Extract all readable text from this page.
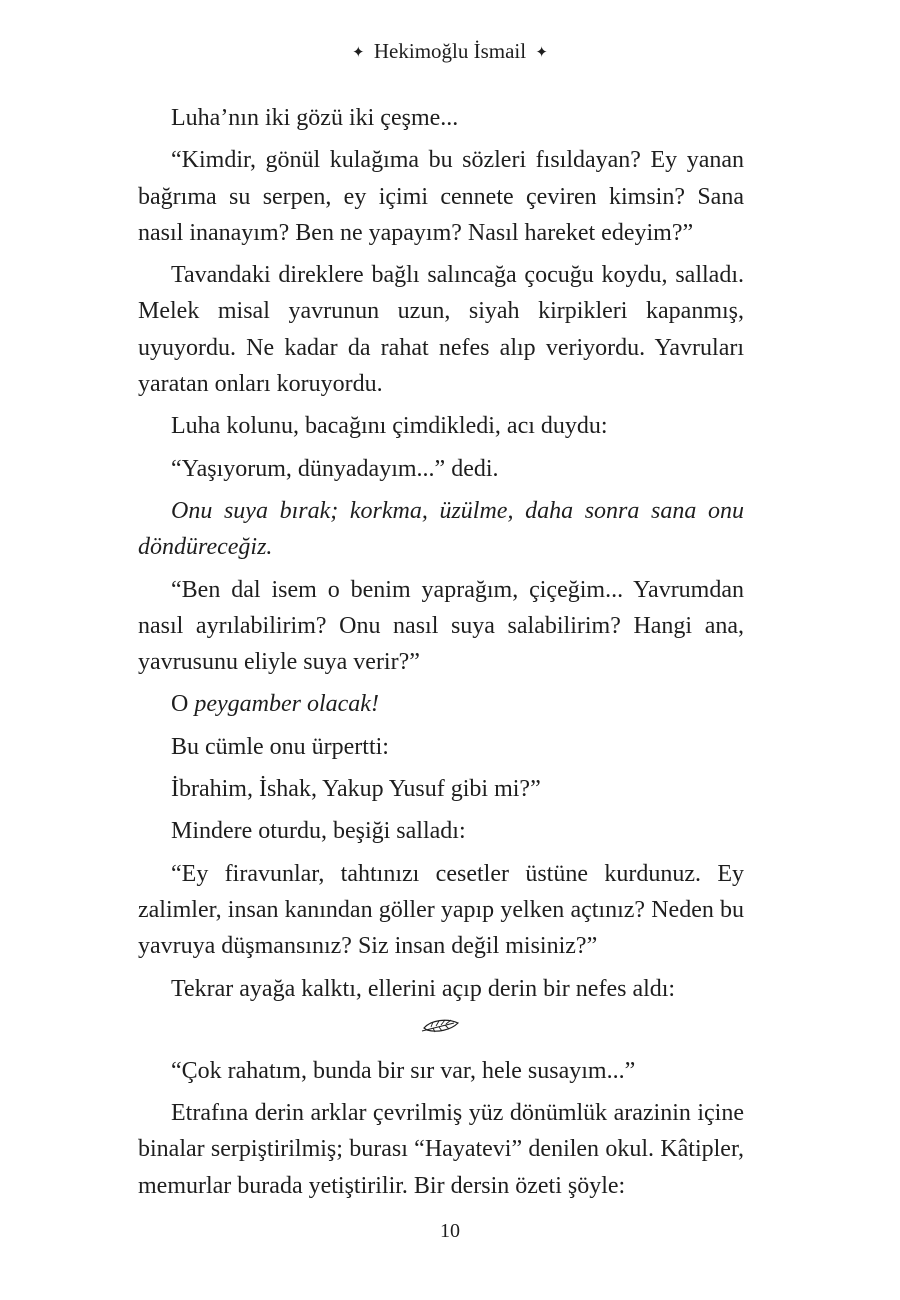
✦ Hekimoğlu İsmail ✦

Luha’nın iki gözü iki çeşme...

“Kimdir, gönül kulağıma bu sözleri fısıldayan? Ey yanan bağrıma su serpen, ey içimi cennete çeviren kimsin? Sana nasıl inanayım? Ben ne yapayım? Nasıl hareket edeyim?”

Tavandaki direklere bağlı salıncağa çocuğu koydu, salladı. Melek misal yavrunun uzun, siyah kirpikleri kapanmış, uyuyordu. Ne kadar da rahat nefes alıp veriyordu. Yavruları yaratan onları koruyordu.

Luha kolunu, bacağını çimdikledi, acı duydu:

“Yaşıyorum, dünyadayım...” dedi.

Onu suya bırak; korkma, üzülme, daha sonra sana onu döndüreceğiz.

“Ben dal isem o benim yaprağım, çiçeğim... Yavrumdan nasıl ayrılabilirim? Onu nasıl suya salabilirim? Hangi ana, yavrusunu eliyle suya verir?”

O peygamber olacak!

Bu cümle onu ürpertti:

İbrahim, İshak, Yakup Yusuf gibi mi?”

Mindere oturdu, beşiği salladı:

“Ey firavunlar, tahtınızı cesetler üstüne kurdunuz. Ey zalimler, insan kanından göller yapıp yelken açtınız? Neden bu yavruya düşmansınız? Siz insan değil misiniz?”

Tekrar ayağa kalktı, ellerini açıp derin bir nefes aldı:

“Çok rahatım, bunda bir sır var, hele susayım...”

Etrafına derin arklar çevrilmiş yüz dönümlük arazinin içine binalar serpiştirilmiş; burası “Hayatevi” denilen okul. Kâtipler, memurlar burada yetiştirilir. Bir dersin özeti şöyle:

10
